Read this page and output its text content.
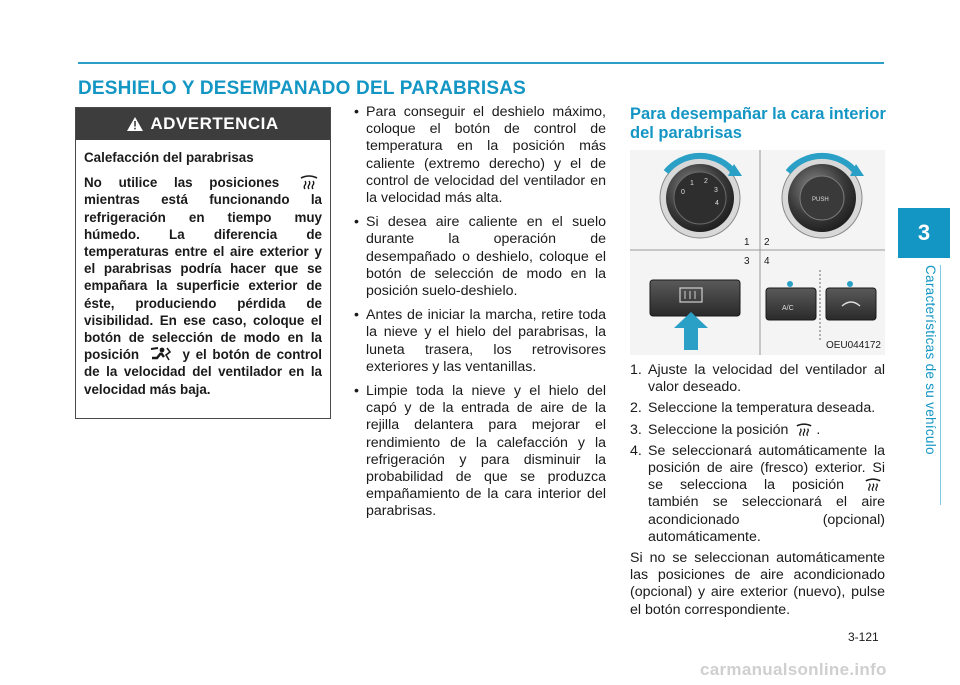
DESHIELO Y DESEMPANADO DEL PARABRISAS
3
Características de su vehículo
ADVERTENCIA

Calefacción del parabrisas

No utilice las posiciones  mientras está funcionando la refrigeración en tiempo muy húmedo. La diferencia de temperaturas entre el aire exterior y el parabrisas podría hacer que se empañara la superficie exterior de éste, produciendo pérdida de visibilidad. En ese caso, coloque el botón de selección de modo en la posición	y el botón de control de la velocidad del ventilador en la velocidad más baja.

• Para conseguir el deshielo máximo, coloque el botón de control de temperatura en la posición más caliente (extremo derecho) y el de control de velocidad del ventilador en la velocidad más alta.
• Si desea aire caliente en el suelo durante la operación de desempañado o deshielo, coloque el botón de selección de modo en la posición suelo-deshielo.
• Antes de iniciar la marcha, retire toda la nieve y el hielo del parabrisas, la luneta trasera, los retrovisores exteriores y las ventanillas.
• Limpie toda la nieve y el hielo del capó y de la entrada de aire de la rejilla delantera para mejorar el rendimiento de la calefacción y la refrigeración y para disminuir la probabilidad de que se produzca empañamiento de la cara interior del parabrisas.
Para desempañar la cara interior del parabrisas
0
1 2
3
4	PUSH
1 2
3 4
A/C
OEU044172
1. Ajuste la velocidad del ventilador al valor deseado.
2. Seleccione la temperatura deseada.
3. Seleccione la posición .
4. Se seleccionará automáticamente la posición de aire (fresco) exterior. Si se selecciona la posición  también se seleccionará el aire acondicionado (opcional) automáticamente.

Si no se seleccionan automáticamente las posiciones de aire acondicionado (opcional) y aire exterior (nuevo), pulse el botón correspondiente.

3-121
carmanualsonline.info
